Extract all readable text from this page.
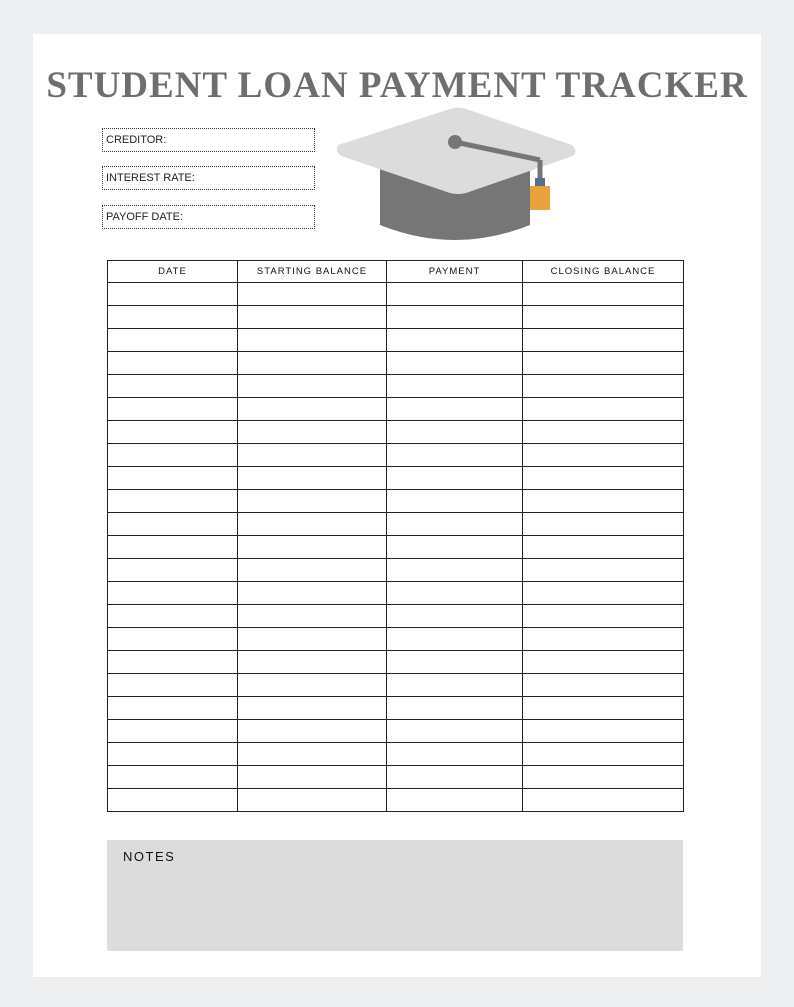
STUDENT LOAN PAYMENT TRACKER
CREDITOR:
INTEREST RATE:
PAYOFF DATE:
DATE	STARTING BALANCE	PAYMENT	CLOSING BALANCE

NOTES
